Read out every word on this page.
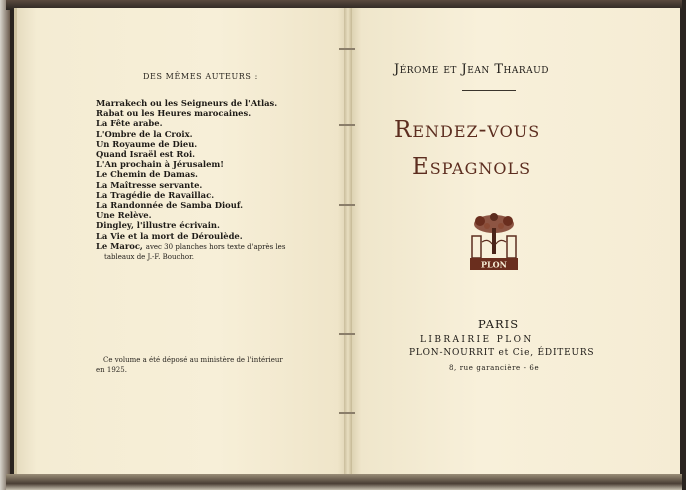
DES MÊMES AUTEURS :
Marrakech ou les Seigneurs de l'Atlas.
Rabat ou les Heures marocaines.
La Fête arabe.
L'Ombre de la Croix.
Un Royaume de Dieu.
Quand Israël est Roi.
L'An prochain à Jérusalem!
Le Chemin de Damas.
La Maîtresse servante.
La Tragédie de Ravaillac.
La Randonnée de Samba Diouf.
Une Relève.
Dingley, l'illustre écrivain.
La Vie et la mort de Déroulède.
Le Maroc, avec 30 planches hors texte d'après les
tableaux de J.-F. Bouchor.
Ce volume a été déposé au ministère de l'intérieur
en 1925.
Jérome et Jean Tharaud
Rendez-vous
Espagnols
PLON
PARIS
LIBRAIRIE PLON
PLON-NOURRIT et Cie, ÉDITEURS
8, rue garancière - 6e
